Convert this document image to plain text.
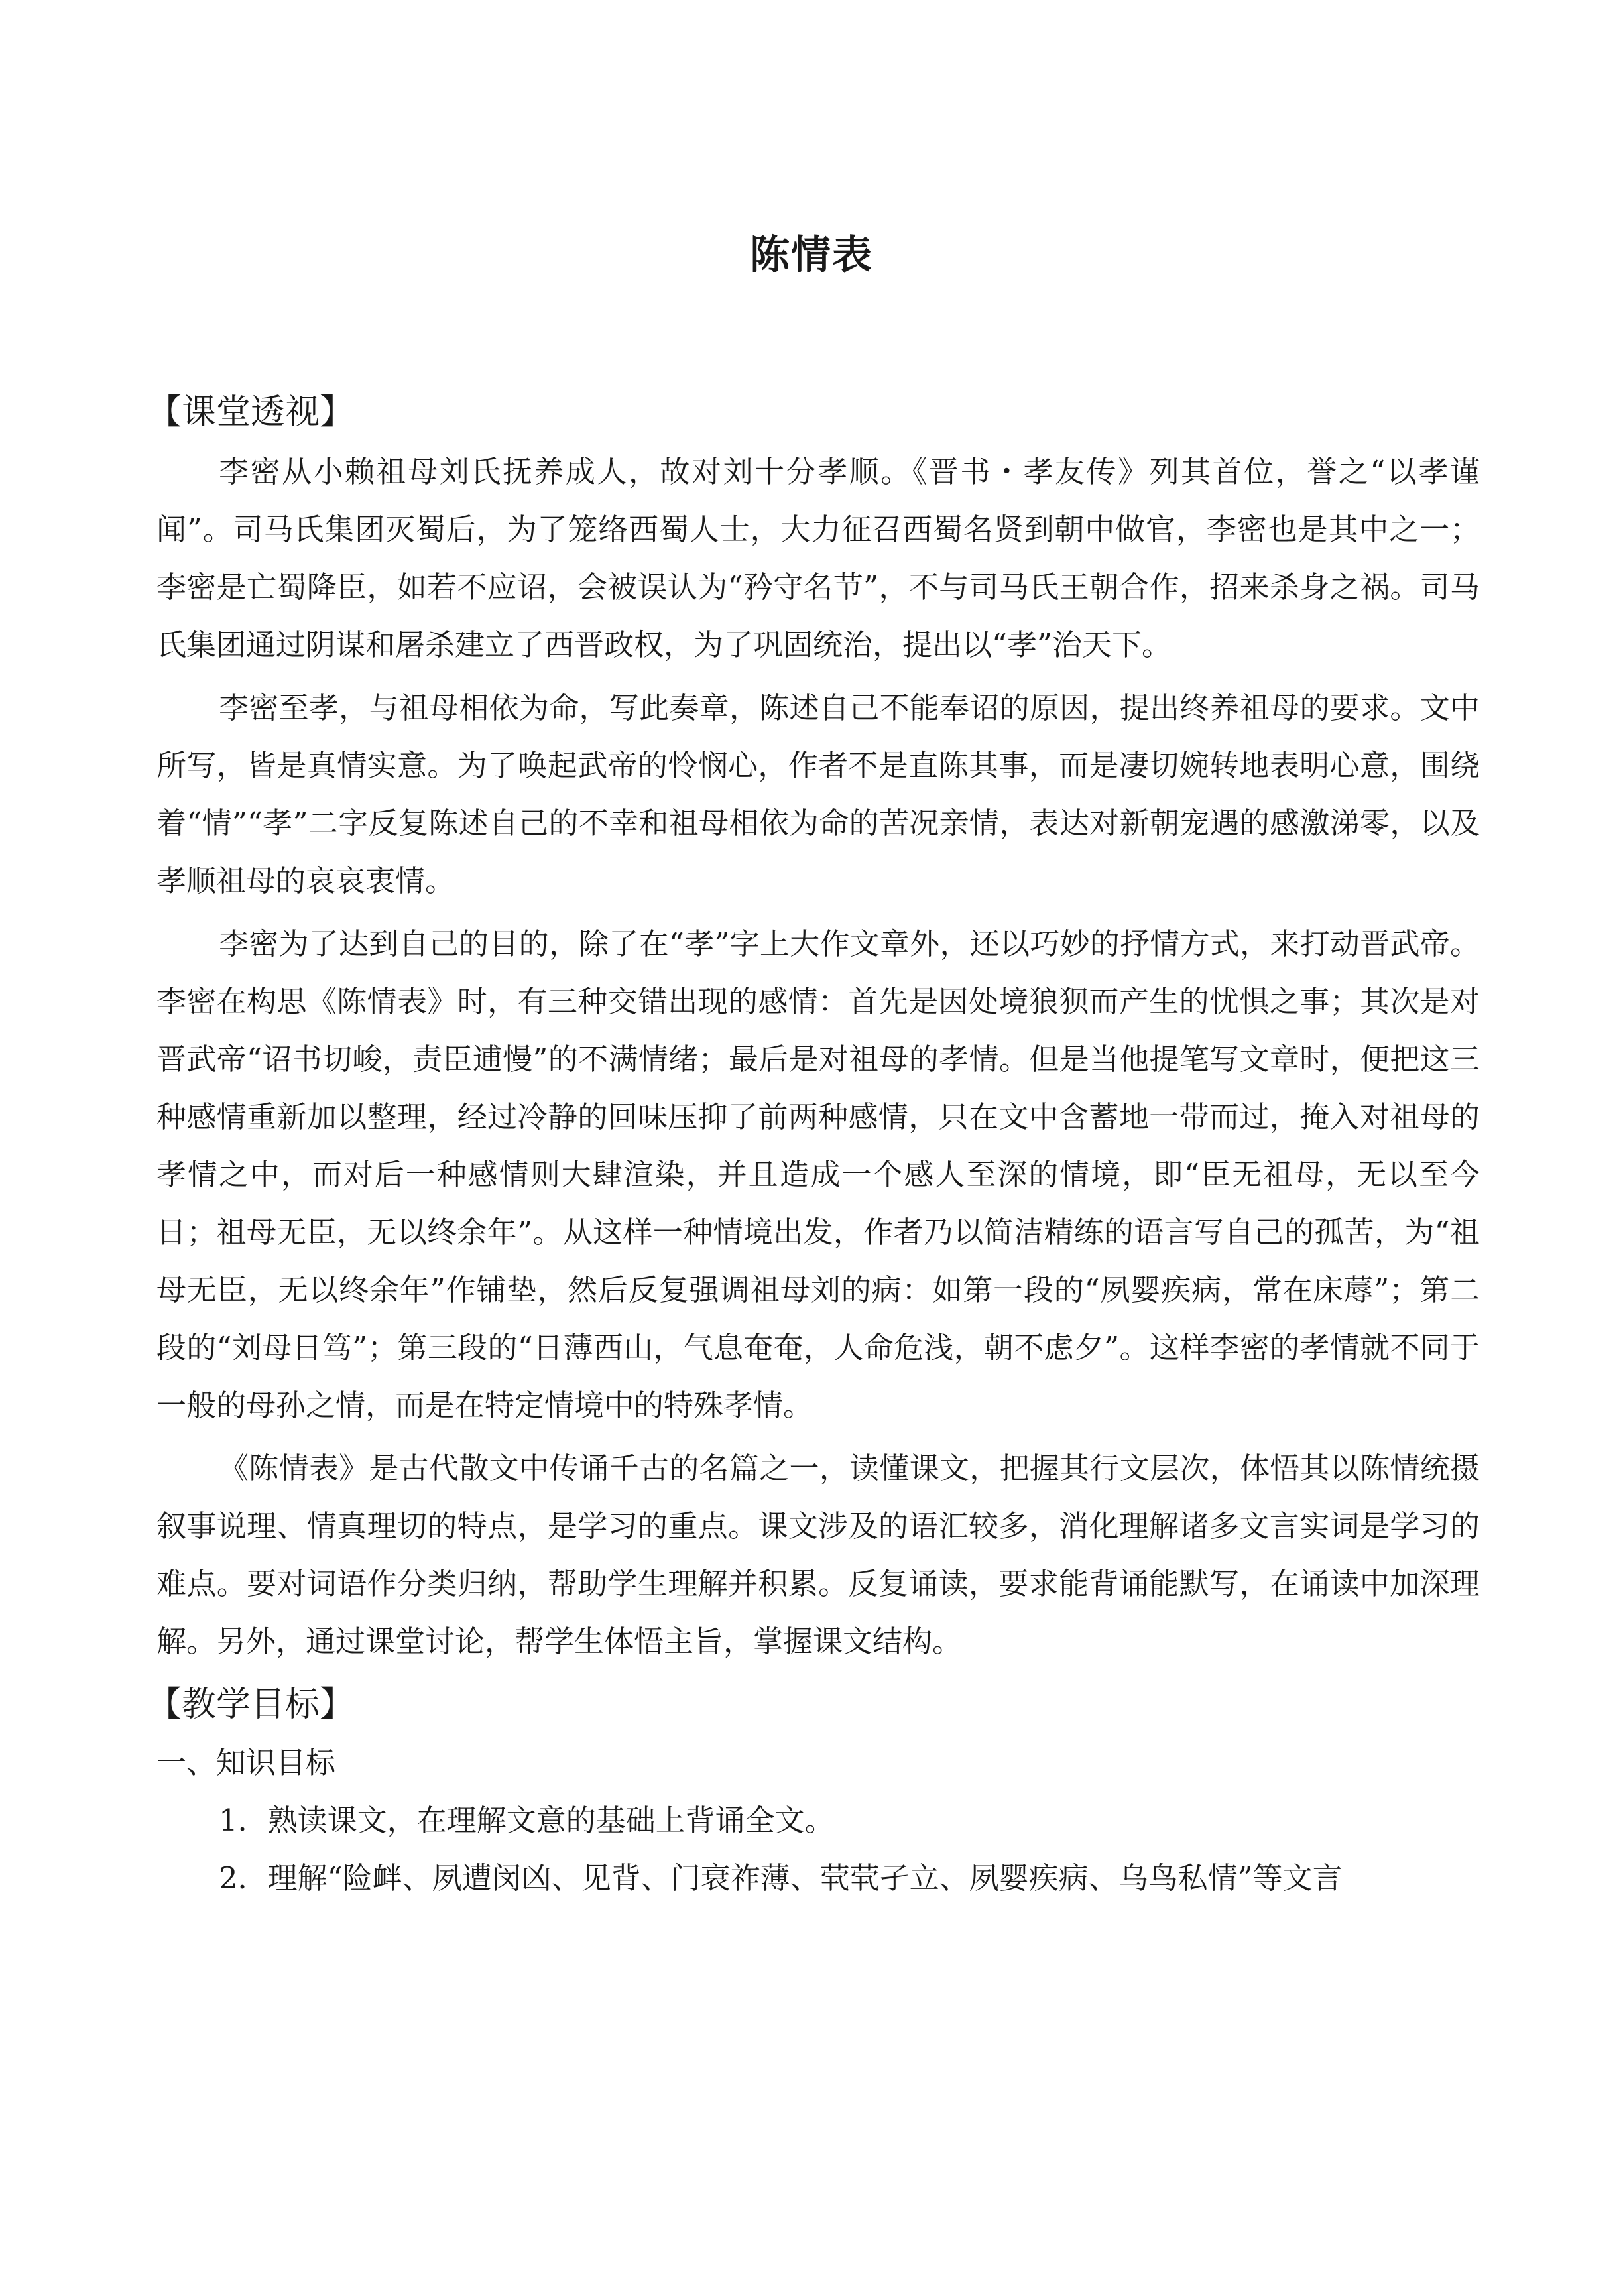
陈情表
【课堂透视】

李密从小赖祖母刘氏抚养成人，故对刘十分孝顺。《晋书・孝友传》列其首位，誉之“以孝谨闻”。司马氏集团灭蜀后，为了笼络西蜀人士，大力征召西蜀名贤到朝中做官，李密也是其中之一；李密是亡蜀降臣，如若不应诏，会被误认为“矜守名节”，不与司马氏王朝合作，招来杀身之祸。司马氏集团通过阴谋和屠杀建立了西晋政权，为了巩固统治，提出以“孝”治天下。

李密至孝，与祖母相依为命，写此奏章，陈述自己不能奉诏的原因，提出终养祖母的要求。文中所写，皆是真情实意。为了唤起武帝的怜悯心，作者不是直陈其事，而是凄切婉转地表明心意，围绕着“情”“孝”二字反复陈述自己的不幸和祖母相依为命的苦况亲情，表达对新朝宠遇的感激涕零，以及孝顺祖母的哀哀衷情。

李密为了达到自己的目的，除了在“孝”字上大作文章外，还以巧妙的抒情方式，来打动晋武帝。李密在构思《陈情表》时，有三种交错出现的感情：首先是因处境狼狈而产生的忧惧之事；其次是对晋武帝“诏书切峻，责臣逋慢”的不满情绪；最后是对祖母的孝情。但是当他提笔写文章时，便把这三种感情重新加以整理，经过冷静的回味压抑了前两种感情，只在文中含蓄地一带而过，掩入对祖母的孝情之中，而对后一种感情则大肆渲染，并且造成一个感人至深的情境，即“臣无祖母，无以至今日；祖母无臣，无以终余年”。从这样一种情境出发，作者乃以简洁精练的语言写自己的孤苦，为“祖母无臣，无以终余年”作铺垫，然后反复强调祖母刘的病：如第一段的“夙婴疾病，常在床蓐”；第二段的“刘母日笃”；第三段的“日薄西山，气息奄奄，人命危浅，朝不虑夕”。这样李密的孝情就不同于一般的母孙之情，而是在特定情境中的特殊孝情。

《陈情表》是古代散文中传诵千古的名篇之一，读懂课文，把握其行文层次，体悟其以陈情统摄叙事说理、情真理切的特点，是学习的重点。课文涉及的语汇较多，消化理解诸多文言实词是学习的难点。要对词语作分类归纳，帮助学生理解并积累。反复诵读，要求能背诵能默写，在诵读中加深理解。另外，通过课堂讨论，帮学生体悟主旨，掌握课文结构。

【教学目标】

一、知识目标

1．熟读课文，在理解文意的基础上背诵全文。

2．理解“险衅、夙遭闵凶、见背、门衰祚薄、茕茕孑立、夙婴疾病、乌鸟私情”等文言
